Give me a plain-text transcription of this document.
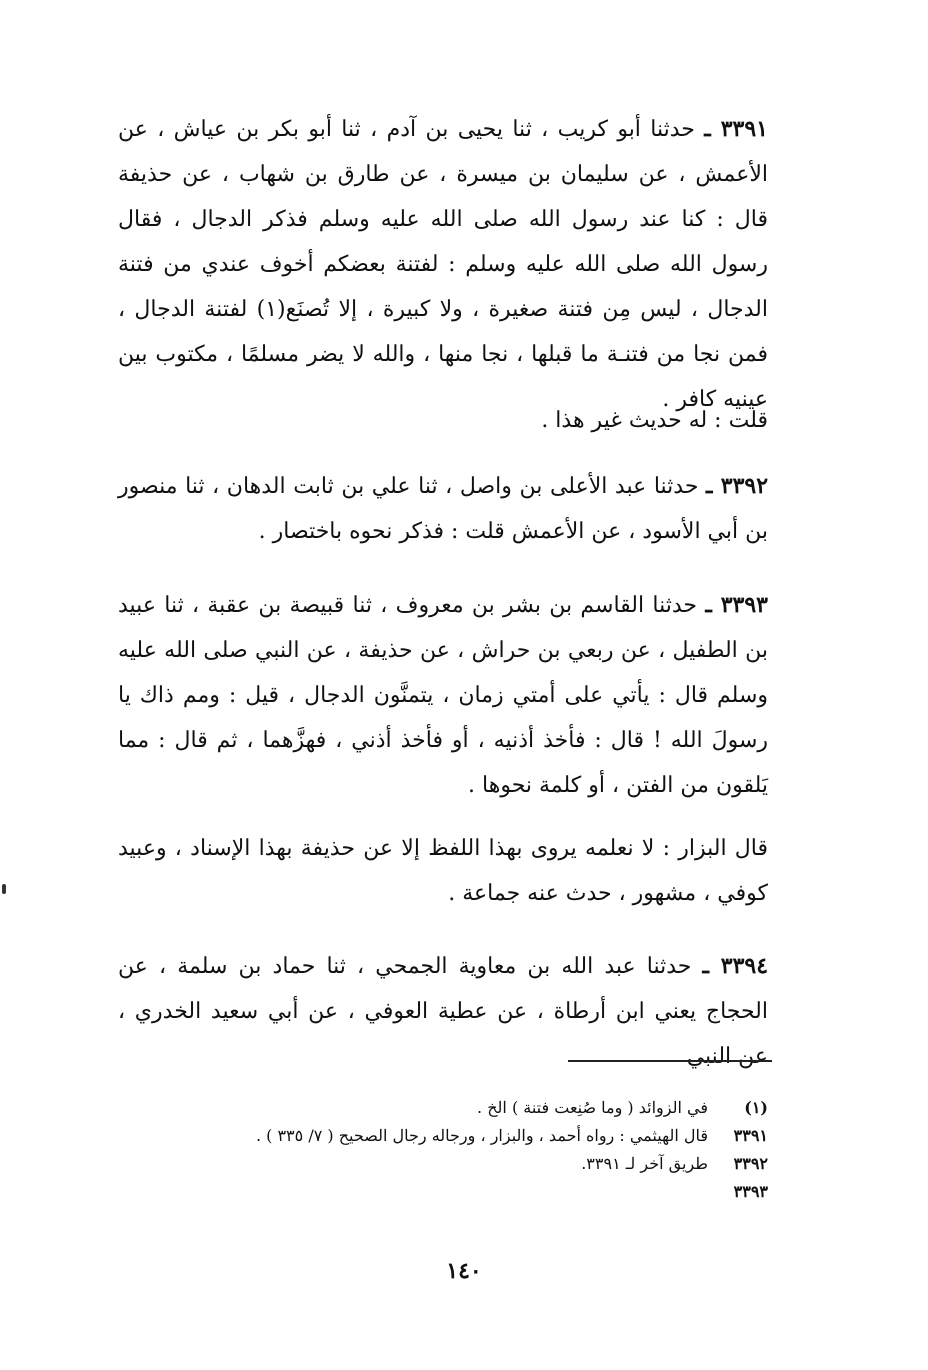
٣٣٩١ ـ حدثنا أبو كريب ، ثنا يحيى بن آدم ، ثنا أبو بكر بن عياش ، عن الأعمش ، عن سليمان بن ميسرة ، عن طارق بن شهاب ، عن حذيفة قال : كنا عند رسول الله صلى الله عليه وسلم فذكر الدجال ، فقال رسول الله صلى الله عليه وسلم : لفتنة بعضكم أخوف عندي من فتنة الدجال ، ليس مِن فتنة صغيرة ، ولا كبيرة ، إلا تُصنَع(١) لفتنة الدجال ، فمن نجا من فتنـة ما قبلها ، نجا منها ، والله لا يضر مسلمًا ، مكتوب بين عينيه كافر .
قلت : له حديث غير هذا .
٣٣٩٢ ـ حدثنا عبد الأعلى بن واصل ، ثنا علي بن ثابت الدهان ، ثنا منصور بن أبي الأسود ، عن الأعمش قلت : فذكر نحوه باختصار .
٣٣٩٣ ـ حدثنا القاسم بن بشر بن معروف ، ثنا قبيصة بن عقبة ، ثنا عبيد بن الطفيل ، عن ربعي بن حراش ، عن حذيفة ، عن النبي صلى الله عليه وسلم قال : يأتي على أمتي زمان ، يتمنَّون الدجال ، قيل : ومم ذاك يا رسولَ الله ! قال : فأخذ أذنيه ، أو فأخذ أذني ، فهزَّهما ، ثم قال : مما يَلقون من الفتن ، أو كلمة نحوها .
قال البزار : لا نعلمه يروى بهذا اللفظ إلا عن حذيفة بهذا الإسناد ، وعبيد كوفي ، مشهور ، حدث عنه جماعة .
٣٣٩٤ ـ حدثنا عبد الله بن معاوية الجمحي ، ثنا حماد بن سلمة ، عن الحجاج يعني ابن أرطاة ، عن عطية العوفي ، عن أبي سعيد الخدري ، عن النبي
(١)
في الزوائد ( وما صُنِعت فتنة ) الخ .
٣٣٩١
قال الهيثمي : رواه أحمد ، والبزار ، ورجاله رجال الصحيح ( ٧/ ٣٣٥ ) .
٣٣٩٢
طريق آخر لـ ٣٣٩١.
٣٣٩٣
١٤٠
